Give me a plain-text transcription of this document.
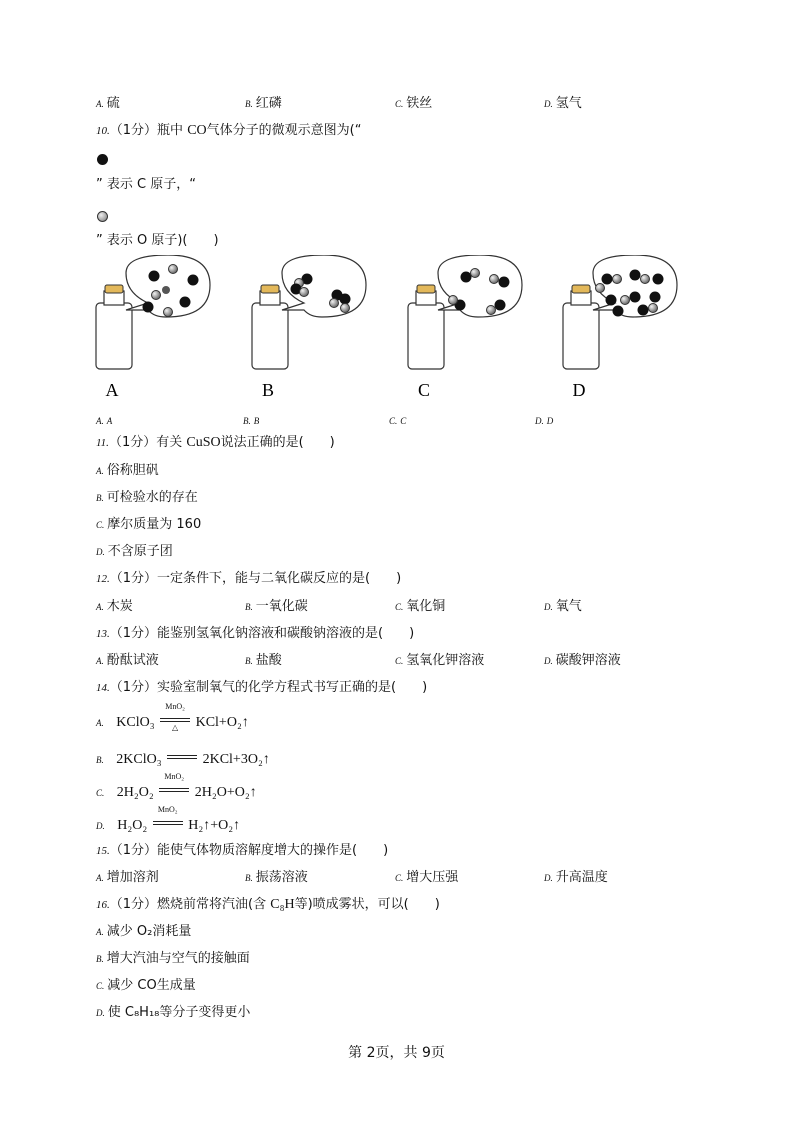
A. 硫	B. 红磷	C. 铁丝	D. 氢气
10.（1分）瓶中 CO气体分子的微观示意图为(“
” 表示 C 原子，“
” 表示 O 原子)(　　)
A	B	C	D
A. A	B. B	C. C	D. D
11.（1分）有关 CuSO说法正确的是(　　)
A. 俗称胆矾
B. 可检验水的存在
C. 摩尔质量为 160
D. 不含原子团
12.（1分）一定条件下，能与二氧化碳反应的是(　　)
A. 木炭	B. 一氧化碳	C. 氧化铜	D. 氧气
13.（1分）能鉴别氢氧化钠溶液和碳酸钠溶液的是(　　)
A. 酚酞试液	B. 盐酸	C. 氢氧化钾溶液	D. 碳酸钾溶液
14.（1分）实验室制氧气的化学方程式书写正确的是(　　)
A. KClO₃
MnO₂
△	KCl+O₂↑
B. 2KClO₃	2KCl+3O₂↑
C. 2H₂O₂
MnO₂
2H₂O+O₂↑
D. H₂O₂
MnO₂
H₂↑+O₂↑
15.（1分）能使气体物质溶解度增大的操作是(　　)
A. 增加溶剂	B. 振荡溶液	C. 增大压强	D. 升高温度
16.（1分）燃烧前常将汽油(含 C₈H等)喷成雾状，可以(　　)
A. 减少 O₂消耗量
B. 增大汽油与空气的接触面
C. 减少 CO生成量
D. 使 C₈H₁₈等分子变得更小
第 2页，共 9页
